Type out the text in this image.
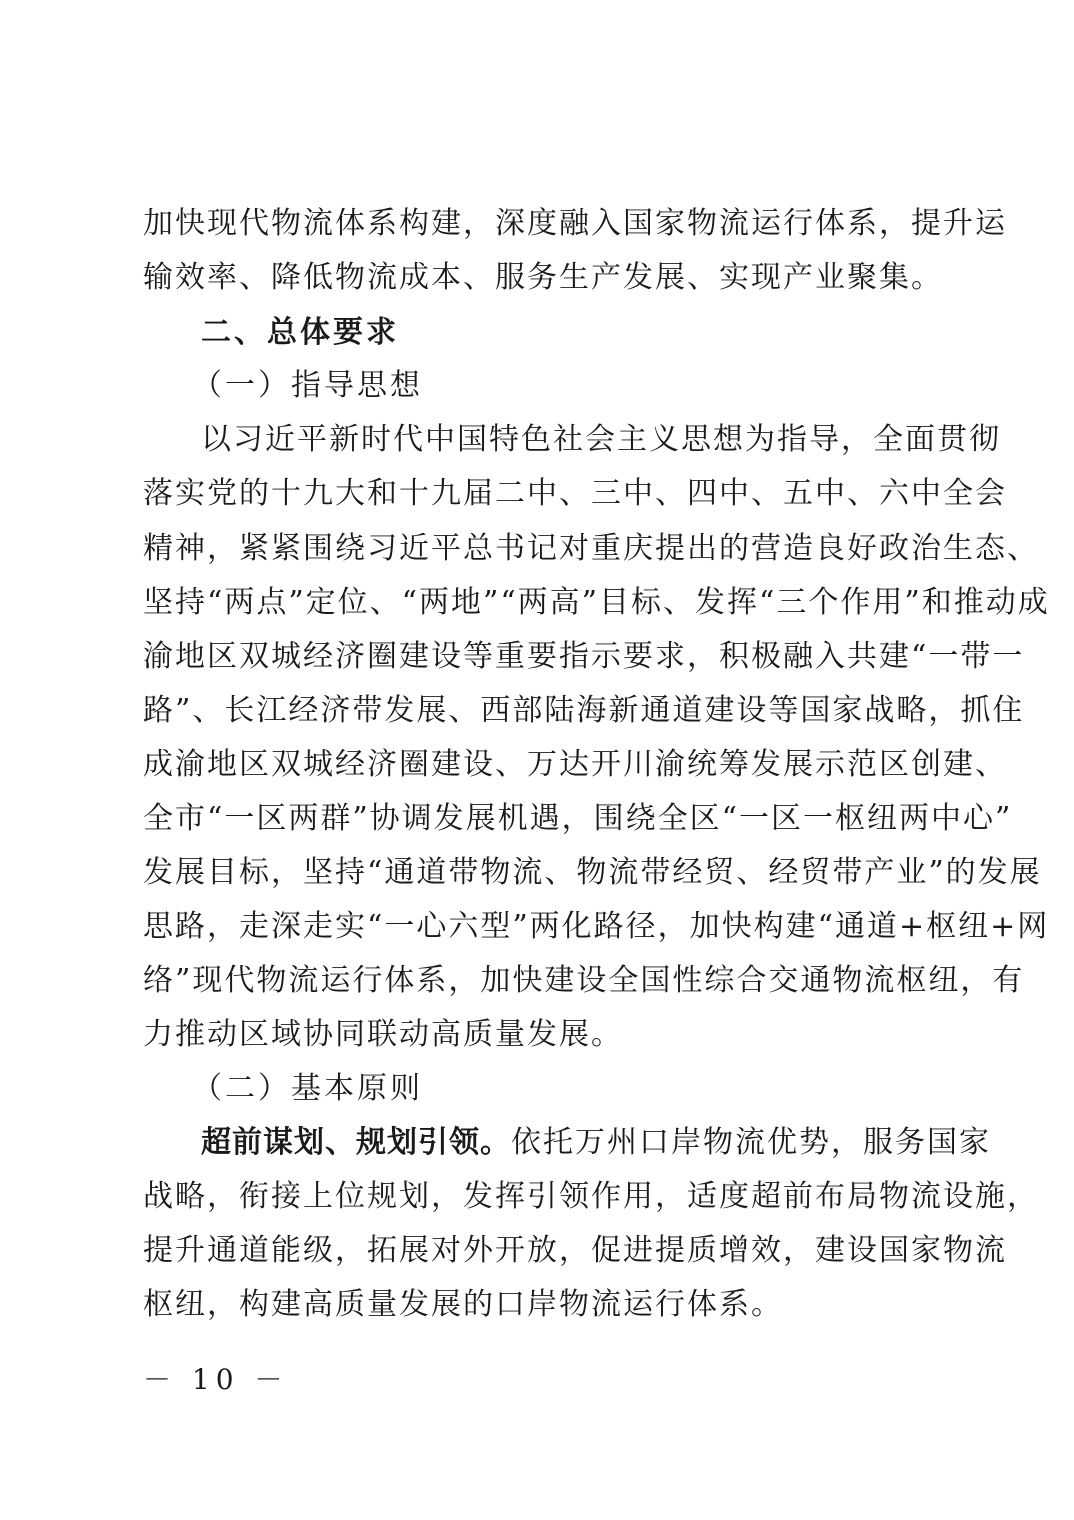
加快现代物流体系构建，深度融入国家物流运行体系，提升运
输效率、降低物流成本、服务生产发展、实现产业聚集。
二、总体要求
（一）指导思想
以习近平新时代中国特色社会主义思想为指导，全面贯彻
落实党的十九大和十九届二中、三中、四中、五中、六中全会
精神，紧紧围绕习近平总书记对重庆提出的营造良好政治生态、
坚持“两点”定位、“两地”“两高”目标、发挥“三个作用”和推动成
渝地区双城经济圈建设等重要指示要求，积极融入共建“一带一
路”、长江经济带发展、西部陆海新通道建设等国家战略，抓住
成渝地区双城经济圈建设、万达开川渝统筹发展示范区创建、
全市“一区两群”协调发展机遇，围绕全区“一区一枢纽两中心”
发展目标，坚持“通道带物流、物流带经贸、经贸带产业”的发展
思路，走深走实“一心六型”两化路径，加快构建“通道+枢纽+网
络”现代物流运行体系，加快建设全国性综合交通物流枢纽，有
力推动区域协同联动高质量发展。
（二）基本原则
超前谋划、规划引领。依托万州口岸物流优势，服务国家
战略，衔接上位规划，发挥引领作用，适度超前布局物流设施，
提升通道能级，拓展对外开放，促进提质增效，建设国家物流
枢纽，构建高质量发展的口岸物流运行体系。
－ 10 －
